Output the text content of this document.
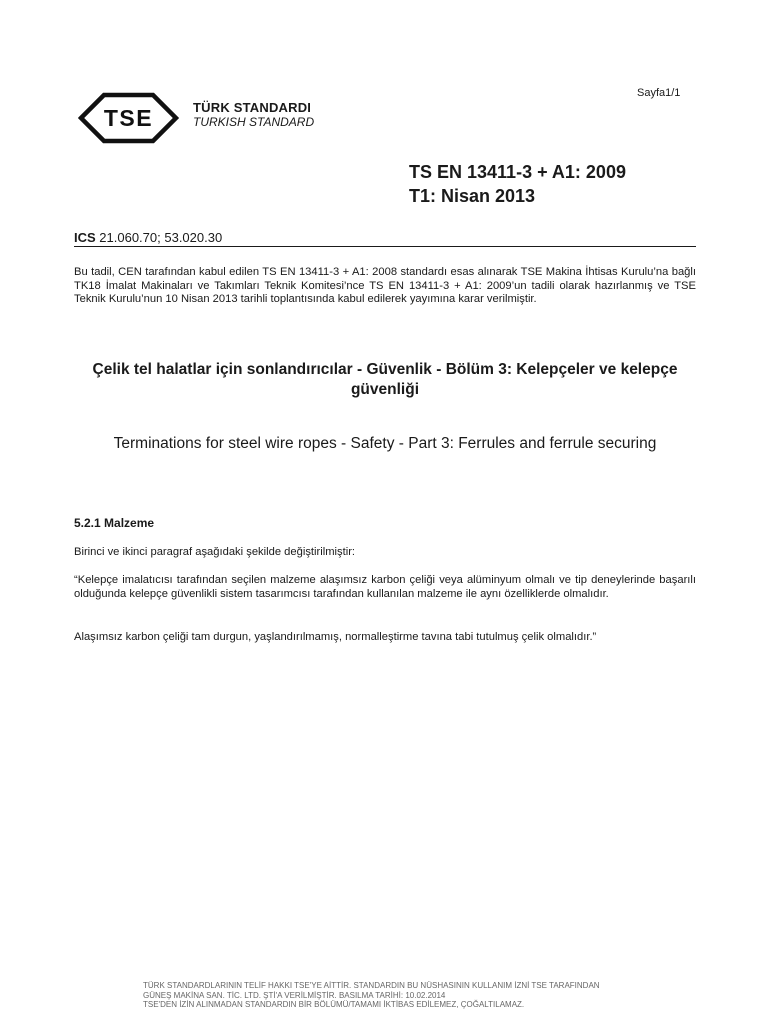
Sayfa1/1
TSE	TÜRK STANDARDI
TURKISH STANDARD
TS EN 13411-3 + A1: 2009
T1: Nisan 2013
ICS 21.060.70; 53.020.30
Bu tadil, CEN tarafından kabul edilen TS EN 13411-3 + A1: 2008 standardı esas alınarak TSE Makina İhtisas Kurulu’na bağlı TK18 İmalat Makinaları ve Takımları Teknik Komitesi’nce TS EN 13411-3 + A1: 2009’un tadili olarak hazırlanmış ve TSE Teknik Kurulu’nun 10 Nisan 2013 tarihli toplantısında kabul edilerek yayımına karar verilmiştir.
Çelik tel halatlar için sonlandırıcılar - Güvenlik - Bölüm 3: Kelepçeler ve kelepçe güvenliği
Terminations for steel wire ropes - Safety - Part 3: Ferrules and ferrule securing
5.2.1 Malzeme
Birinci ve ikinci paragraf aşağıdaki şekilde değiştirilmiştir:
“Kelepçe imalatıcısı tarafından seçilen malzeme alaşımsız karbon çeliği veya alüminyum olmalı ve tip deneylerinde başarılı olduğunda kelepçe güvenlikli sistem tasarımcısı tarafından kullanılan malzeme ile aynı özelliklerde olmalıdır.
Alaşımsız karbon çeliği tam durgun, yaşlandırılmamış, normalleştirme tavına tabi tutulmuş çelik olmalıdır.”
TÜRK STANDARDLARININ TELİF HAKKI TSE'YE AİTTİR. STANDARDIN BU NÜSHASININ KULLANIM İZNİ TSE TARAFINDAN
GÜNEŞ MAKİNA SAN. TİC. LTD. ŞTİ'A VERİLMİŞTİR. BASILMA TARİHİ: 10.02.2014
TSE'DEN İZİN ALINMADAN STANDARDIN BİR BÖLÜMÜ/TAMAMI İKTİBAS EDİLEMEZ, ÇOĞALTILAMAZ.
